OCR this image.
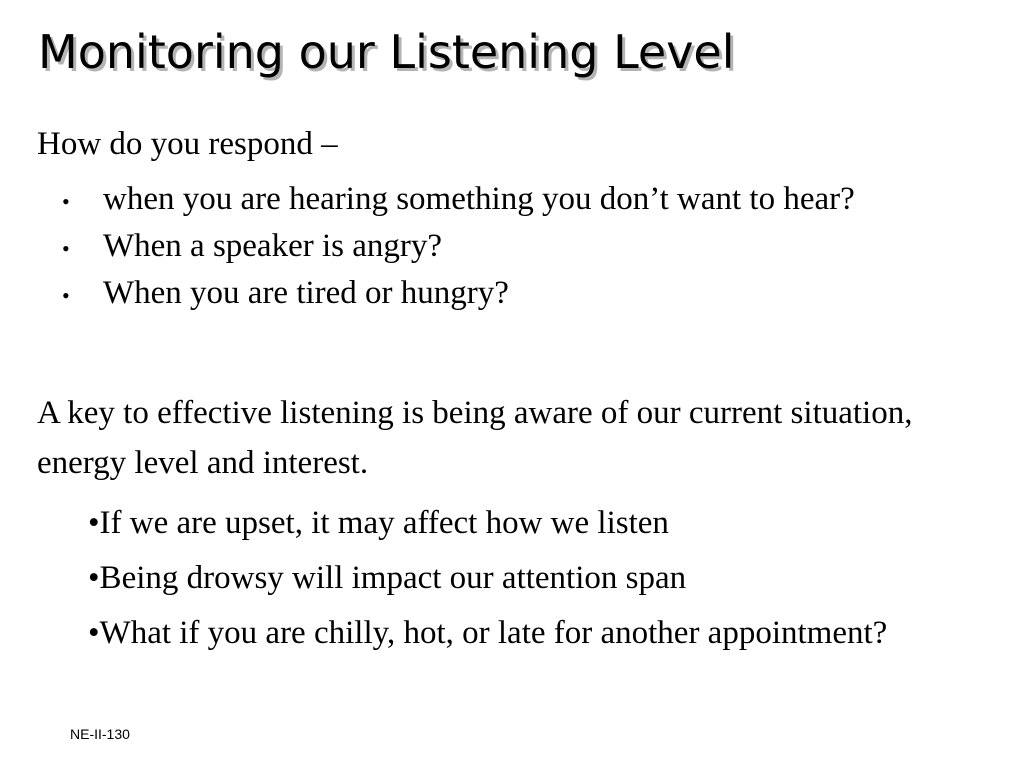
Monitoring our Listening Level

How do you respond –

• when you are hearing something you don’t want to hear?
• When a speaker is angry?
• When you are tired or hungry?

A key to effective listening is being aware of our current situation, energy level and interest.

•If we are upset, it may affect how we listen
•Being drowsy will impact our attention span
•What if you are chilly, hot, or late for another appointment?
NE-II-130
